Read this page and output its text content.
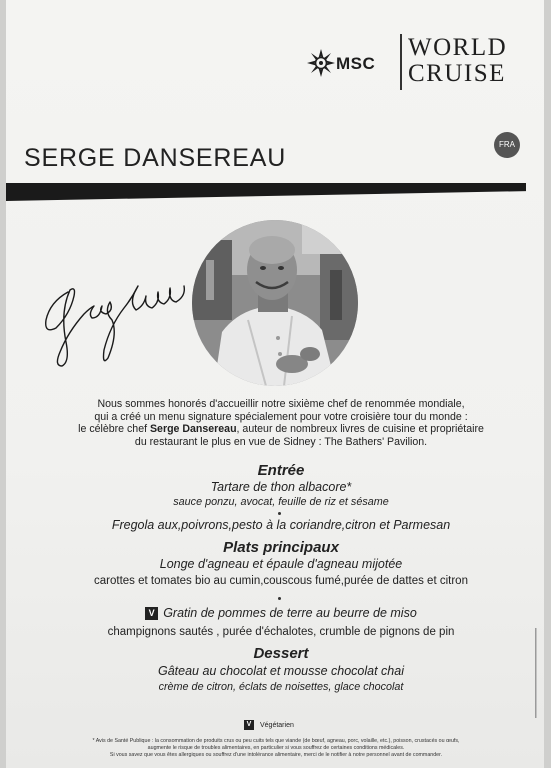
MSC
WORLD
CRUISE
SERGE DANSEREAU	FRA

Nous sommes honorés d'accueillir notre sixième chef de renommée mondiale,

qui a créé un menu signature spécialement pour votre croisière tour du monde :

le célèbre chef Serge Dansereau, auteur de nombreux livres de cuisine et propriétaire

du restaurant le plus en vue de Sidney : The Bathers' Pavilion.

Entrée
Tartare de thon albacore*
sauce ponzu, avocat, feuille de riz et sésame
Fregola aux,poivrons,pesto à la coriandre,citron et Parmesan
Plats principaux
Longe d'agneau et épaule d'agneau mijotée
carottes et tomates bio au cumin,couscous fumé,purée de dattes et citron
V Gratin de pommes de terre au beurre de miso
champignons sautés , purée d'échalotes, crumble de pignons de pin
Dessert
Gâteau au chocolat et mousse chocolat chai
crème de citron, éclats de noisettes, glace chocolat
V Végétarien

* Avis de Santé Publique : la consommation de produits crus ou peu cuits tels que viande (de bœuf, agneau, porc, volaille, etc.), poisson, crustacés ou œufs,

augmente le risque de troubles alimentaires, en particulier si vous souffrez de certaines conditions médicales.

Si vous savez que vous êtes allergiques ou souffrez d'une intolérance alimentaire, merci de le notifier à notre personnel avant de commander.
